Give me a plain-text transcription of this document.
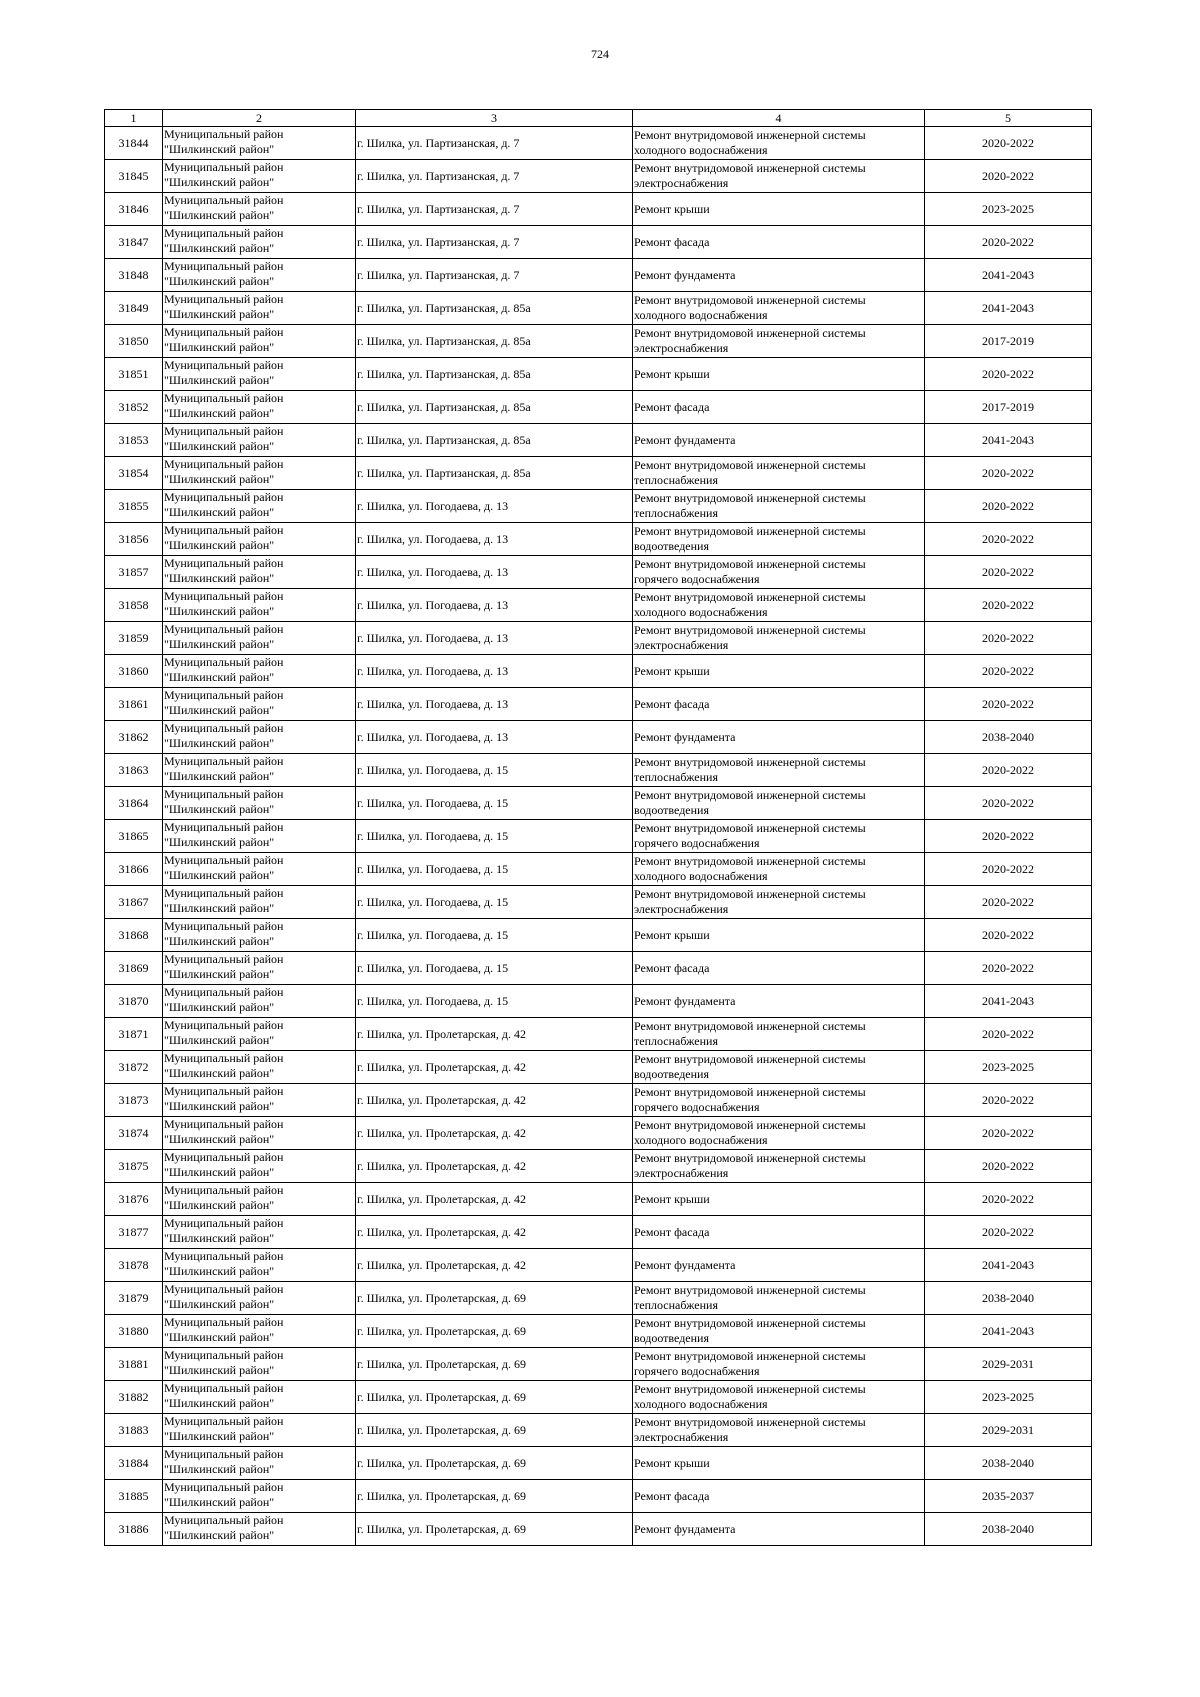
724
1	2	3	4	5
31844	Муниципальный район
"Шилкинский район"	г. Шилка, ул. Партизанская, д. 7	Ремонт внутридомовой инженерной системы
холодного водоснабжения	2020-2022
31845	Муниципальный район
"Шилкинский район"	г. Шилка, ул. Партизанская, д. 7	Ремонт внутридомовой инженерной системы
электроснабжения	2020-2022
31846	Муниципальный район
"Шилкинский район"	г. Шилка, ул. Партизанская, д. 7	Ремонт крыши	2023-2025
31847	Муниципальный район
"Шилкинский район"	г. Шилка, ул. Партизанская, д. 7	Ремонт фасада	2020-2022
31848	Муниципальный район
"Шилкинский район"	г. Шилка, ул. Партизанская, д. 7	Ремонт фундамента	2041-2043
31849	Муниципальный район
"Шилкинский район"	г. Шилка, ул. Партизанская, д. 85а	Ремонт внутридомовой инженерной системы
холодного водоснабжения	2041-2043
31850	Муниципальный район
"Шилкинский район"	г. Шилка, ул. Партизанская, д. 85а	Ремонт внутридомовой инженерной системы
электроснабжения	2017-2019
31851	Муниципальный район
"Шилкинский район"	г. Шилка, ул. Партизанская, д. 85а	Ремонт крыши	2020-2022
31852	Муниципальный район
"Шилкинский район"	г. Шилка, ул. Партизанская, д. 85а	Ремонт фасада	2017-2019
31853	Муниципальный район
"Шилкинский район"	г. Шилка, ул. Партизанская, д. 85а	Ремонт фундамента	2041-2043
31854	Муниципальный район
"Шилкинский район"	г. Шилка, ул. Партизанская, д. 85а	Ремонт внутридомовой инженерной системы
теплоснабжения	2020-2022
31855	Муниципальный район
"Шилкинский район"	г. Шилка, ул. Погодаева, д. 13	Ремонт внутридомовой инженерной системы
теплоснабжения	2020-2022
31856	Муниципальный район
"Шилкинский район"	г. Шилка, ул. Погодаева, д. 13	Ремонт внутридомовой инженерной системы
водоотведения	2020-2022
31857	Муниципальный район
"Шилкинский район"	г. Шилка, ул. Погодаева, д. 13	Ремонт внутридомовой инженерной системы
горячего водоснабжения	2020-2022
31858	Муниципальный район
"Шилкинский район"	г. Шилка, ул. Погодаева, д. 13	Ремонт внутридомовой инженерной системы
холодного водоснабжения	2020-2022
31859	Муниципальный район
"Шилкинский район"	г. Шилка, ул. Погодаева, д. 13	Ремонт внутридомовой инженерной системы
электроснабжения	2020-2022
31860	Муниципальный район
"Шилкинский район"	г. Шилка, ул. Погодаева, д. 13	Ремонт крыши	2020-2022
31861	Муниципальный район
"Шилкинский район"	г. Шилка, ул. Погодаева, д. 13	Ремонт фасада	2020-2022
31862	Муниципальный район
"Шилкинский район"	г. Шилка, ул. Погодаева, д. 13	Ремонт фундамента	2038-2040
31863	Муниципальный район
"Шилкинский район"	г. Шилка, ул. Погодаева, д. 15	Ремонт внутридомовой инженерной системы
теплоснабжения	2020-2022
31864	Муниципальный район
"Шилкинский район"	г. Шилка, ул. Погодаева, д. 15	Ремонт внутридомовой инженерной системы
водоотведения	2020-2022
31865	Муниципальный район
"Шилкинский район"	г. Шилка, ул. Погодаева, д. 15	Ремонт внутридомовой инженерной системы
горячего водоснабжения	2020-2022
31866	Муниципальный район
"Шилкинский район"	г. Шилка, ул. Погодаева, д. 15	Ремонт внутридомовой инженерной системы
холодного водоснабжения	2020-2022
31867	Муниципальный район
"Шилкинский район"	г. Шилка, ул. Погодаева, д. 15	Ремонт внутридомовой инженерной системы
электроснабжения	2020-2022
31868	Муниципальный район
"Шилкинский район"	г. Шилка, ул. Погодаева, д. 15	Ремонт крыши	2020-2022
31869	Муниципальный район
"Шилкинский район"	г. Шилка, ул. Погодаева, д. 15	Ремонт фасада	2020-2022
31870	Муниципальный район
"Шилкинский район"	г. Шилка, ул. Погодаева, д. 15	Ремонт фундамента	2041-2043
31871	Муниципальный район
"Шилкинский район"	г. Шилка, ул. Пролетарская, д. 42	Ремонт внутридомовой инженерной системы
теплоснабжения	2020-2022
31872	Муниципальный район
"Шилкинский район"	г. Шилка, ул. Пролетарская, д. 42	Ремонт внутридомовой инженерной системы
водоотведения	2023-2025
31873	Муниципальный район
"Шилкинский район"	г. Шилка, ул. Пролетарская, д. 42	Ремонт внутридомовой инженерной системы
горячего водоснабжения	2020-2022
31874	Муниципальный район
"Шилкинский район"	г. Шилка, ул. Пролетарская, д. 42	Ремонт внутридомовой инженерной системы
холодного водоснабжения	2020-2022
31875	Муниципальный район
"Шилкинский район"	г. Шилка, ул. Пролетарская, д. 42	Ремонт внутридомовой инженерной системы
электроснабжения	2020-2022
31876	Муниципальный район
"Шилкинский район"	г. Шилка, ул. Пролетарская, д. 42	Ремонт крыши	2020-2022
31877	Муниципальный район
"Шилкинский район"	г. Шилка, ул. Пролетарская, д. 42	Ремонт фасада	2020-2022
31878	Муниципальный район
"Шилкинский район"	г. Шилка, ул. Пролетарская, д. 42	Ремонт фундамента	2041-2043
31879	Муниципальный район
"Шилкинский район"	г. Шилка, ул. Пролетарская, д. 69	Ремонт внутридомовой инженерной системы
теплоснабжения	2038-2040
31880	Муниципальный район
"Шилкинский район"	г. Шилка, ул. Пролетарская, д. 69	Ремонт внутридомовой инженерной системы
водоотведения	2041-2043
31881	Муниципальный район
"Шилкинский район"	г. Шилка, ул. Пролетарская, д. 69	Ремонт внутридомовой инженерной системы
горячего водоснабжения	2029-2031
31882	Муниципальный район
"Шилкинский район"	г. Шилка, ул. Пролетарская, д. 69	Ремонт внутридомовой инженерной системы
холодного водоснабжения	2023-2025
31883	Муниципальный район
"Шилкинский район"	г. Шилка, ул. Пролетарская, д. 69	Ремонт внутридомовой инженерной системы
электроснабжения	2029-2031
31884	Муниципальный район
"Шилкинский район"	г. Шилка, ул. Пролетарская, д. 69	Ремонт крыши	2038-2040
31885	Муниципальный район
"Шилкинский район"	г. Шилка, ул. Пролетарская, д. 69	Ремонт фасада	2035-2037
31886	Муниципальный район
"Шилкинский район"	г. Шилка, ул. Пролетарская, д. 69	Ремонт фундамента	2038-2040
